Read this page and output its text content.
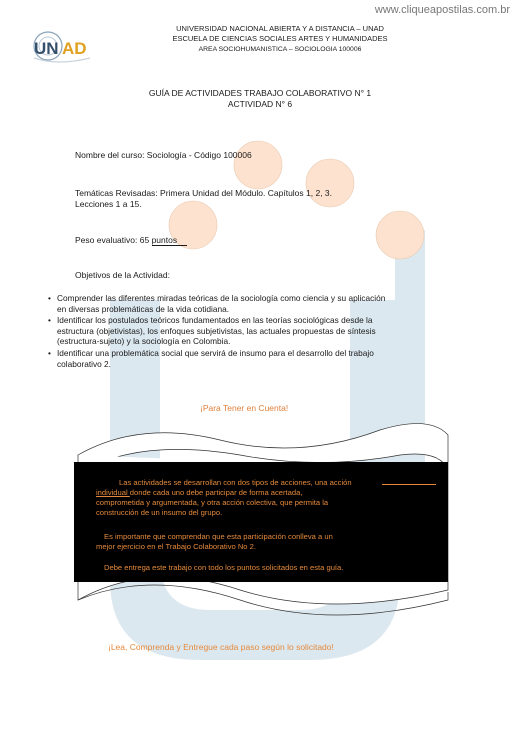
www.cliqueapostilas.com.br
UN AD
UNIVERSIDAD NACIONAL ABIERTA Y A DISTANCIA – UNAD
ESCUELA DE CIENCIAS SOCIALES ARTES Y HUMANIDADES
AREA SOCIOHUMANISTICA – SOCIOLOGIA 100006
GUÍA DE ACTIVIDADES TRABAJO COLABORATIVO N° 1
ACTIVIDAD N° 6
Nombre del curso: Sociología - Código 100006
Temáticas Revisadas: Primera Unidad del Módulo. Capítulos 1, 2, 3.
Lecciones 1 a 15.
Peso evaluativo: 65 puntos
Objetivos de la Actividad:
• Comprender las diferentes miradas teóricas de la sociología como ciencia y su aplicación en diversas problemáticas de la vida cotidiana.
• Identificar los postulados teóricos fundamentados en las teorías sociológicas desde la estructura (objetivistas), los enfoques subjetivistas, las actuales propuestas de síntesis (estructura-sujeto) y la sociología en Colombia.
• Identificar una problemática social que servirá de insumo para el desarrollo del trabajo colaborativo 2.
¡Para Tener en Cuenta!

Las actividades se desarrollan con dos tipos de acciones, una acción

individual donde cada uno debe participar de forma acertada,

comprometida y argumentada, y otra acción colectiva, que permita la

construcción de un insumo del grupo.

Es importante que comprendan que esta participación conlleva a un

mejor ejercicio en el Trabajo Colaborativo No 2.

Debe entrega este trabajo con todo los puntos solicitados en esta guía.

¡Lea, Comprenda y Entregue cada paso según lo solicitado!
